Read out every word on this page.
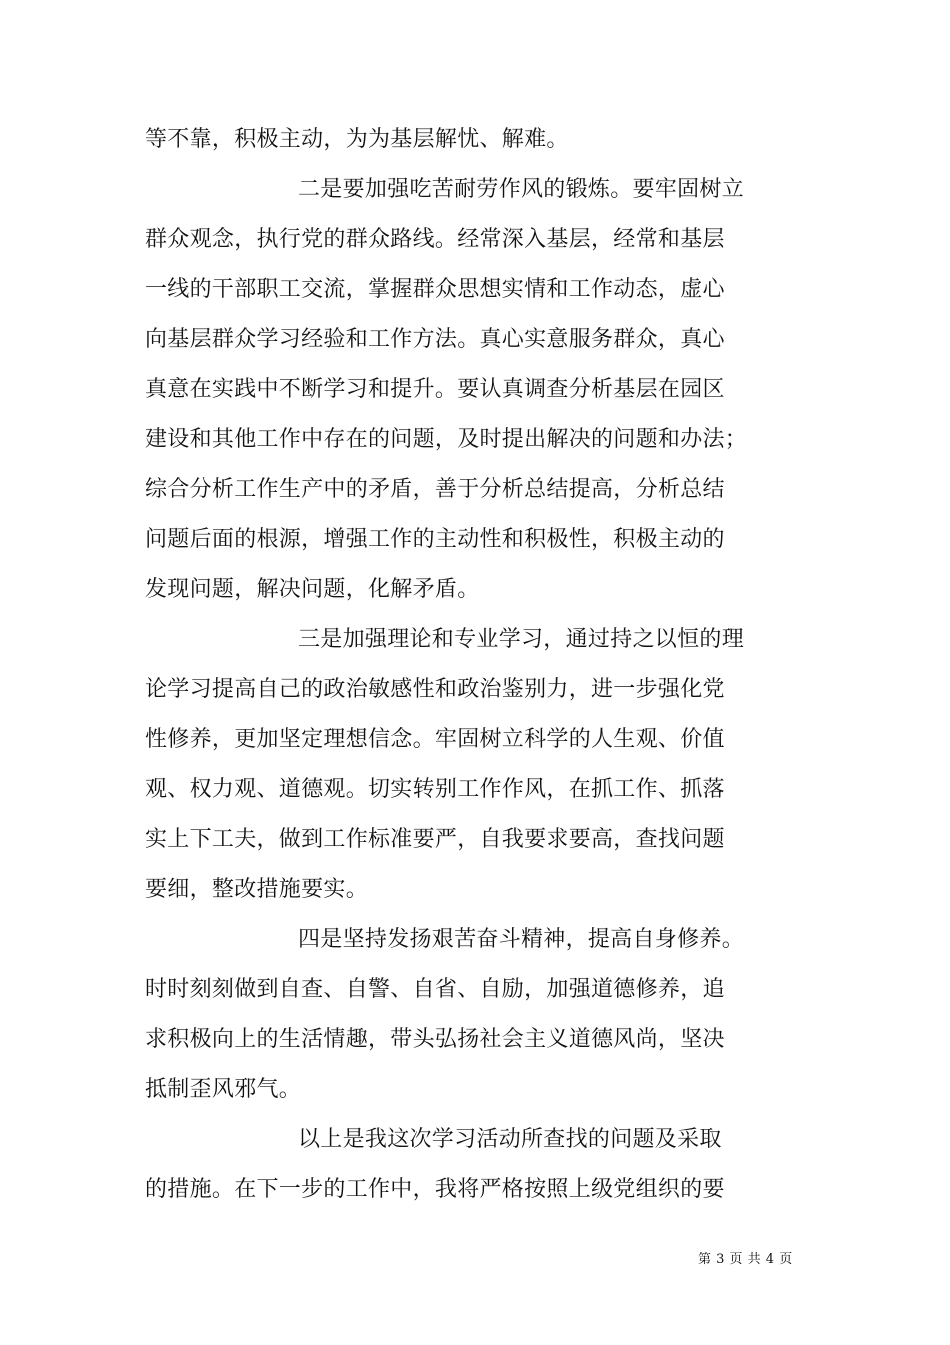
等不靠，积极主动，为为基层解忧、解难。
二是要加强吃苦耐劳作风的锻炼。要牢固树立
群众观念，执行党的群众路线。经常深入基层，经常和基层
一线的干部职工交流，掌握群众思想实情和工作动态，虚心
向基层群众学习经验和工作方法。真心实意服务群众，真心
真意在实践中不断学习和提升。要认真调查分析基层在园区
建设和其他工作中存在的问题，及时提出解决的问题和办法；
综合分析工作生产中的矛盾，善于分析总结提高，分析总结
问题后面的根源，增强工作的主动性和积极性，积极主动的
发现问题，解决问题，化解矛盾。
三是加强理论和专业学习，通过持之以恒的理
论学习提高自己的政治敏感性和政治鉴别力，进一步强化党
性修养，更加坚定理想信念。牢固树立科学的人生观、价值
观、权力观、道德观。切实转别工作作风，在抓工作、抓落
实上下工夫，做到工作标准要严，自我要求要高，查找问题
要细，整改措施要实。
四是坚持发扬艰苦奋斗精神，提高自身修养。
时时刻刻做到自查、自警、自省、自励，加强道德修养，追
求积极向上的生活情趣，带头弘扬社会主义道德风尚，坚决
抵制歪风邪气。
以上是我这次学习活动所查找的问题及采取
的措施。在下一步的工作中，我将严格按照上级党组织的要
第 3 页 共 4 页
